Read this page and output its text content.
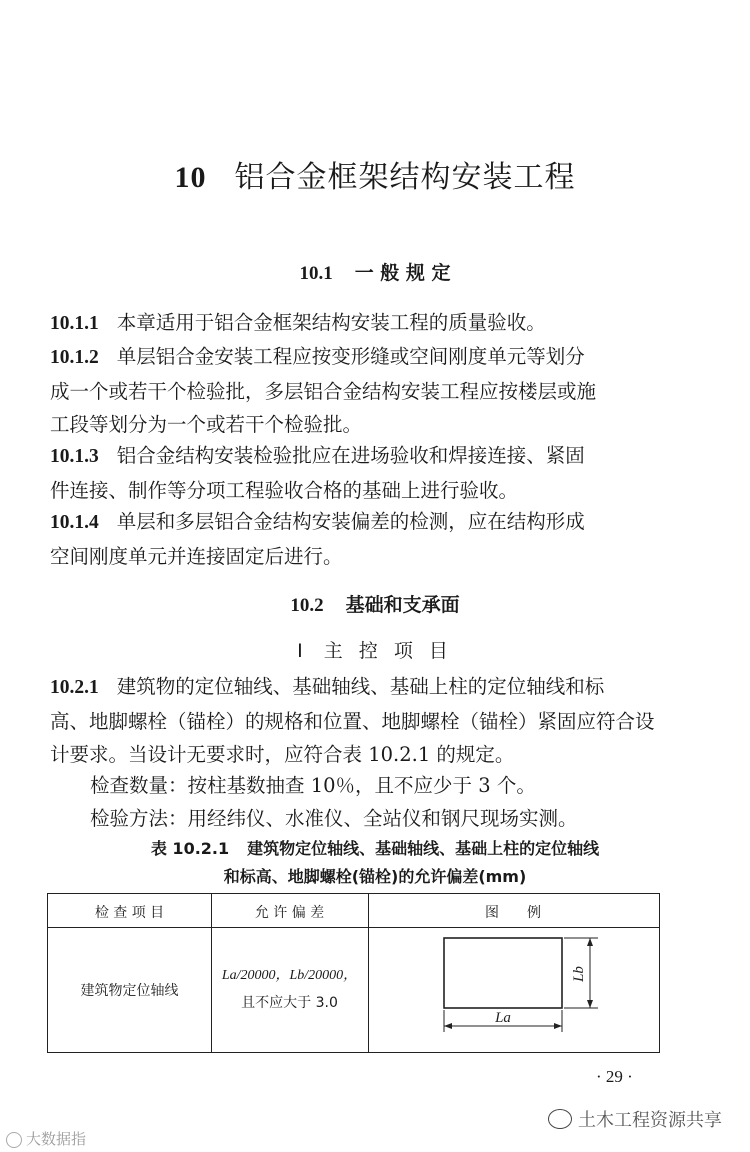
10 铝合金框架结构安装工程
10.1 一 般 规 定
10.1.1 本章适用于铝合金框架结构安装工程的质量验收。
10.1.2 单层铝合金安装工程应按变形缝或空间刚度单元等划分
成一个或若干个检验批，多层铝合金结构安装工程应按楼层或施
工段等划分为一个或若干个检验批。
10.1.3 铝合金结构安装检验批应在进场验收和焊接连接、紧固
件连接、制作等分项工程验收合格的基础上进行验收。
10.1.4 单层和多层铝合金结构安装偏差的检测，应在结构形成
空间刚度单元并连接固定后进行。
10.2 基础和支承面
Ⅰ 主 控 项 目
10.2.1 建筑物的定位轴线、基础轴线、基础上柱的定位轴线和标
高、地脚螺栓（锚栓）的规格和位置、地脚螺栓（锚栓）紧固应符合设
计要求。当设计无要求时，应符合表 10.2.1 的规定。
检查数量：按柱基数抽查 10％，且不应少于 3 个。
检验方法：用经纬仪、水准仪、全站仪和钢尺现场实测。
表 10.2.1 建筑物定位轴线、基础轴线、基础上柱的定位轴线
和标高、地脚螺栓(锚栓)的允许偏差(mm)
检 查 项 目	允 许 偏 差	图　　例
建筑物定位轴线
La/20000，Lb/20000，
且不应大于 3.0
La
Lb
· 29 ·
土木工程资源共享
大数据指
